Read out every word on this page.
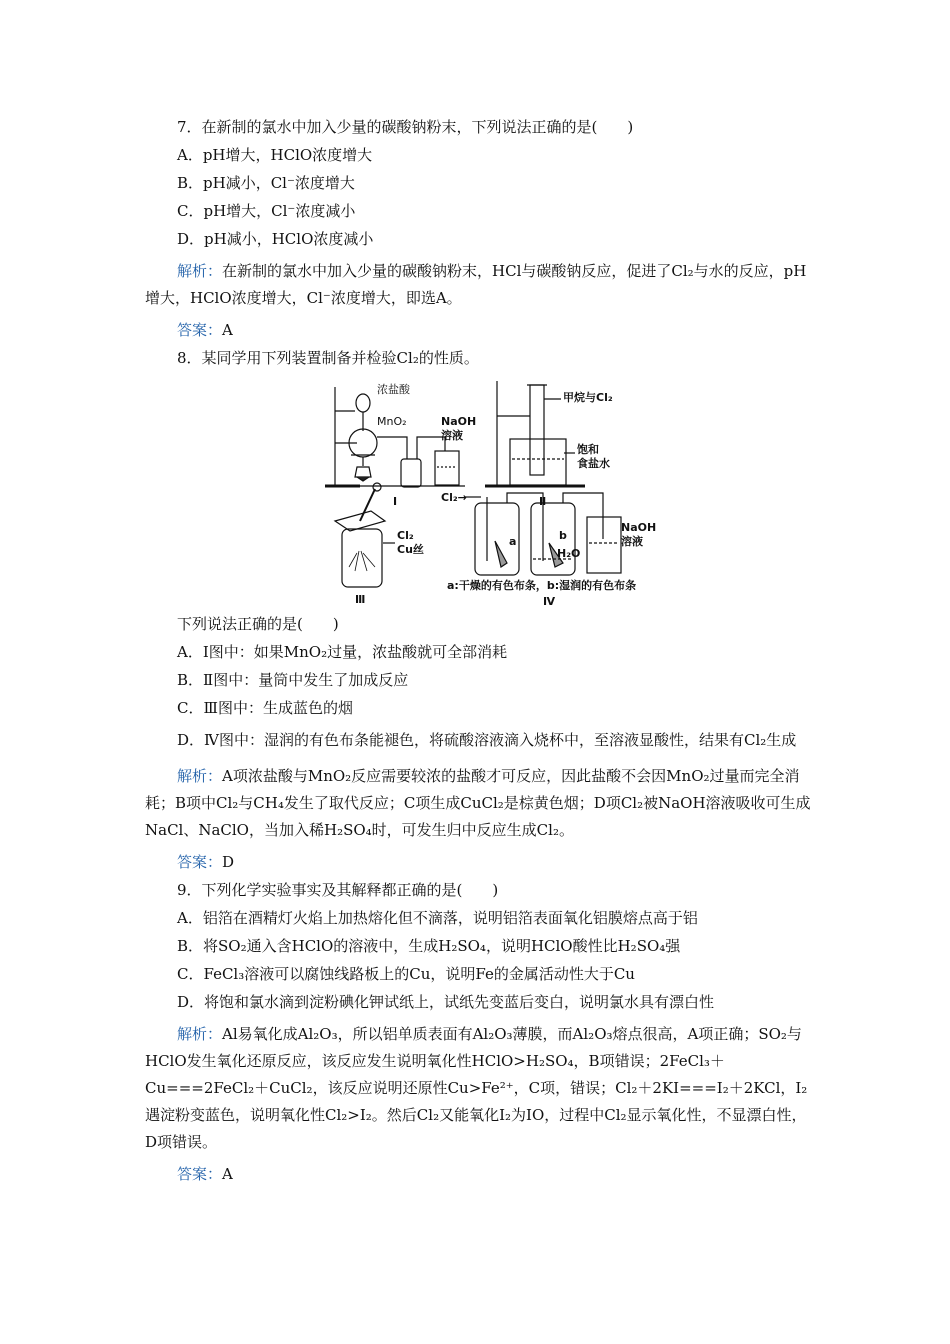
7．在新制的氯水中加入少量的碳酸钠粉末，下列说法正确的是(　　)
A．pH增大，HClO浓度增大
B．pH减小，Cl⁻浓度增大
C．pH增大，Cl⁻浓度减小
D．pH减小，HClO浓度减小
解析：在新制的氯水中加入少量的碳酸钠粉末，HCl与碳酸钠反应，促进了Cl₂与水的反应，pH增大，HClO浓度增大，Cl⁻浓度增大，即选A。
答案：A
8．某同学用下列装置制备并检验Cl₂的性质。
浓盐酸
MnO₂	NaOH
溶液
Ⅰ
甲烷与Cl₂
饱和
食盐水
Ⅱ
Cl₂
Cu丝
Ⅲ
Cl₂→
a	b
H₂O
NaOH
溶液
a:干燥的有色布条，b:湿润的有色布条
Ⅳ
下列说法正确的是(　　)
A．Ⅰ图中：如果MnO₂过量，浓盐酸就可全部消耗
B．Ⅱ图中：量筒中发生了加成反应
C．Ⅲ图中：生成蓝色的烟
D．Ⅳ图中：湿润的有色布条能褪色，将硫酸溶液滴入烧杯中，至溶液显酸性，结果有Cl₂生成
解析：A项浓盐酸与MnO₂反应需要较浓的盐酸才可反应，因此盐酸不会因MnO₂过量而完全消耗；B项中Cl₂与CH₄发生了取代反应；C项生成CuCl₂是棕黄色烟；D项Cl₂被NaOH溶液吸收可生成NaCl、NaClO，当加入稀H₂SO₄时，可发生归中反应生成Cl₂。
答案：D
9．下列化学实验事实及其解释都正确的是(　　)
A．铝箔在酒精灯火焰上加热熔化但不滴落，说明铝箔表面氧化铝膜熔点高于铝
B．将SO₂通入含HClO的溶液中，生成H₂SO₄，说明HClO酸性比H₂SO₄强
C．FeCl₃溶液可以腐蚀线路板上的Cu，说明Fe的金属活动性大于Cu
D．将饱和氯水滴到淀粉碘化钾试纸上，试纸先变蓝后变白，说明氯水具有漂白性
解析：Al易氧化成Al₂O₃，所以铝单质表面有Al₂O₃薄膜，而Al₂O₃熔点很高，A项正确；SO₂与HClO发生氧化还原反应，该反应发生说明氧化性HClO>H₂SO₄，B项错误；2FeCl₃＋Cu===2FeCl₂＋CuCl₂，该反应说明还原性Cu>Fe²⁺，C项，错误；Cl₂＋2KI===I₂＋2KCl，I₂遇淀粉变蓝色，说明氧化性Cl₂>I₂。然后Cl₂又能氧化I₂为IO，过程中Cl₂显示氧化性，不显漂白性，D项错误。
答案：A
